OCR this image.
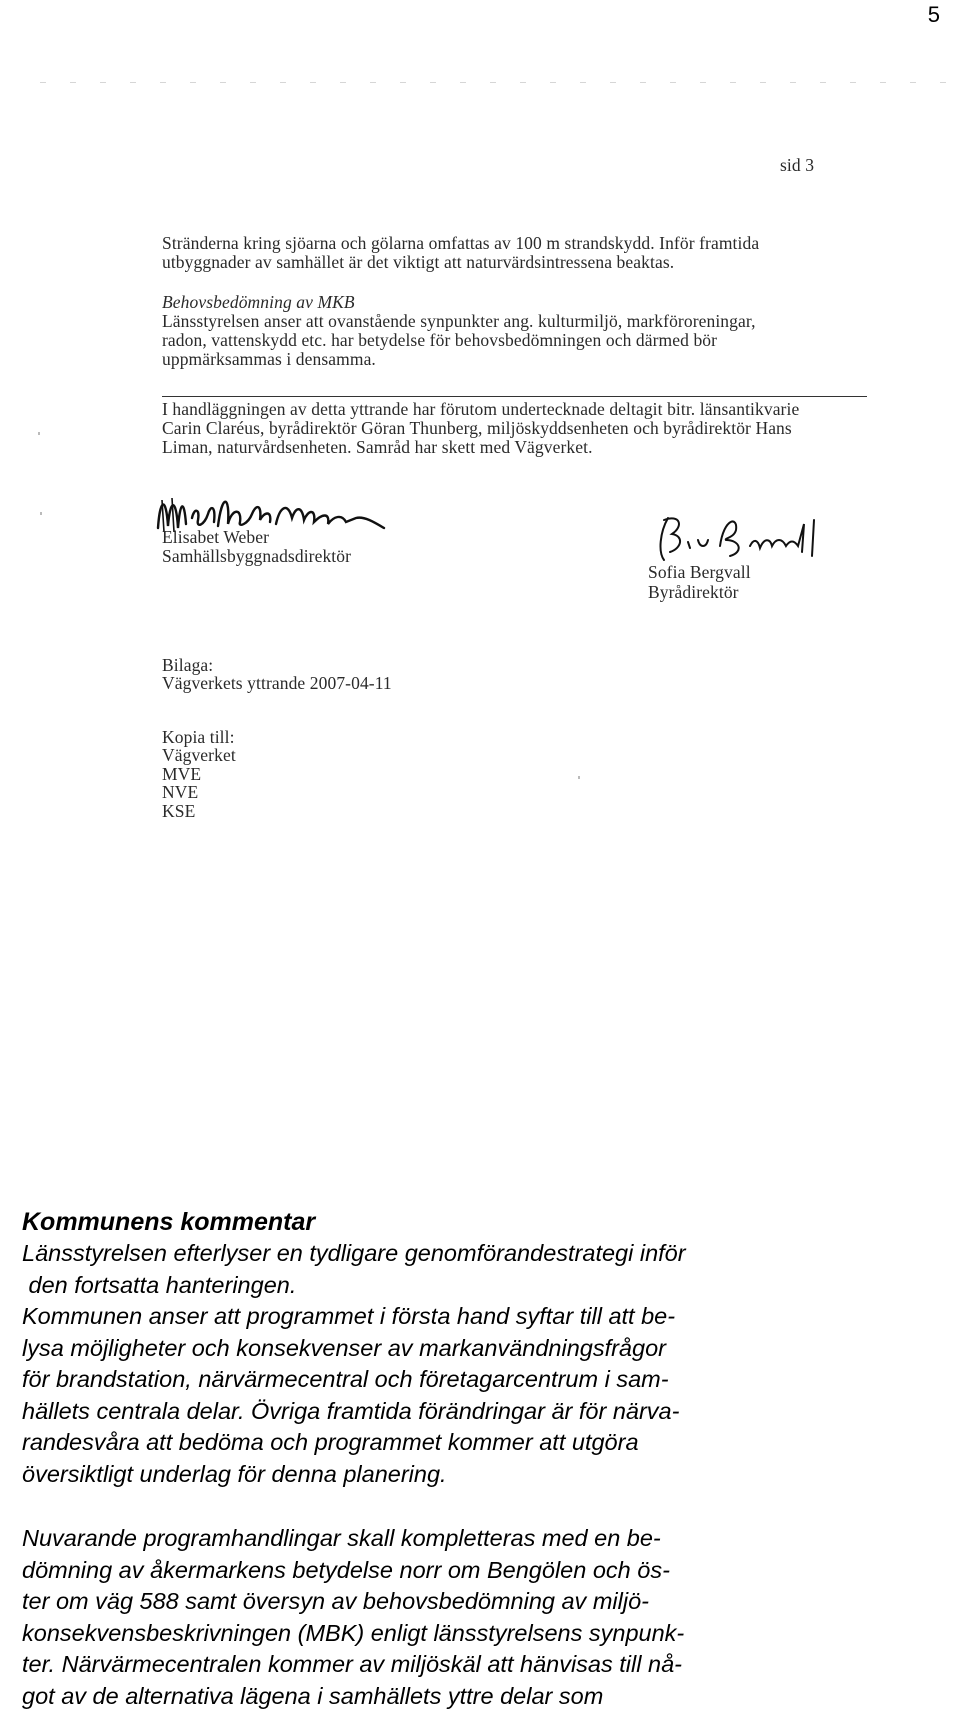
5
sid 3
Stränderna kring sjöarna och gölarna omfattas av 100 m strandskydd. Inför framtida
utbyggnader av samhället är det viktigt att naturvärdsintressena beaktas.
Behovsbedömning av MKB
Länsstyrelsen anser att ovanstående synpunkter ang. kulturmiljö, markföroreningar,
radon, vattenskydd etc. har betydelse för behovsbedömningen och därmed bör
uppmärksammas i densamma.
I handläggningen av detta yttrande har förutom undertecknade deltagit bitr. länsantikvarie
Carin Claréus, byrådirektör Göran Thunberg, miljöskyddsenheten och byrådirektör Hans
Liman, naturvårdsenheten. Samråd har skett med Vägverket.
Elisabet Weber
Samhällsbyggnadsdirektör
Sofia Bergvall
Byrådirektör
Bilaga:
Vägverkets yttrande 2007-04-11
Kopia till:
Vägverket
MVE
NVE
KSE

Kommunens kommentar

Länsstyrelsen efterlyser en tydligare genomförandestrategi inför

den fortsatta hanteringen.

Kommunen anser att programmet i första hand syftar till att be-

lysa möjligheter och konsekvenser av markanvändningsfrågor

för brandstation, närvärmecentral och företagarcentrum i sam-

hällets centrala delar. Övriga framtida förändringar är för närva-

randesvåra att bedöma och programmet kommer att utgöra

översiktligt underlag för denna planering.

Nuvarande programhandlingar skall kompletteras med en be-

dömning av åkermarkens betydelse norr om Bengölen och ös-

ter om väg 588 samt översyn av behovsbedömning av miljö-

konsekvensbeskrivningen (MBK) enligt länsstyrelsens synpunk-

ter. Närvärmecentralen kommer av miljöskäl att hänvisas till nå-

got av de alternativa lägena i samhällets yttre delar som
